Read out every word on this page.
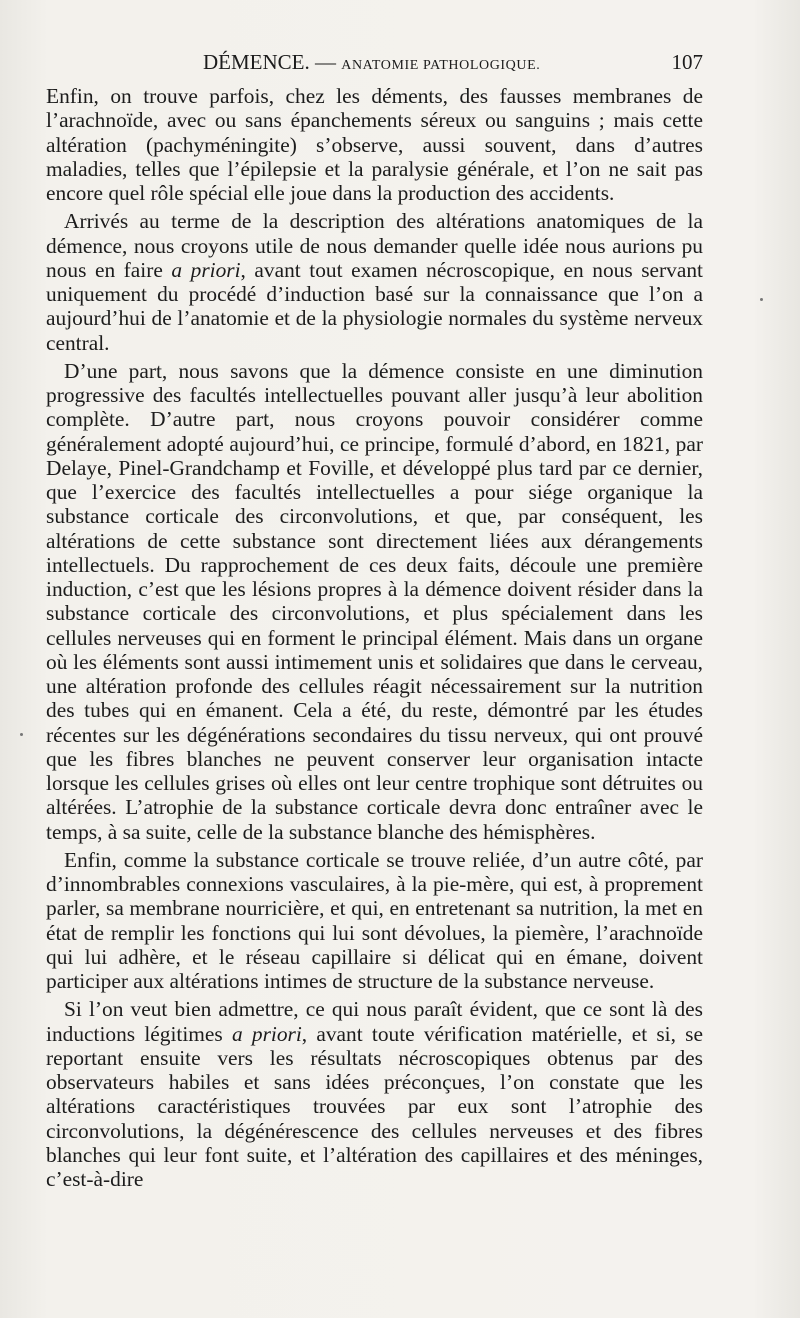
DÉMENCE. — ANATOMIE PATHOLOGIQUE.	107

Enfin, on trouve parfois, chez les déments, des fausses membranes de l’arachnoïde, avec ou sans épanchements séreux ou sanguins ; mais cette altération (pachyméningite) s’observe, aussi souvent, dans d’autres maladies, telles que l’épilepsie et la paralysie générale, et l’on ne sait pas encore quel rôle spécial elle joue dans la production des accidents.

Arrivés au terme de la description des altérations anatomiques de la démence, nous croyons utile de nous demander quelle idée nous aurions pu nous en faire a priori, avant tout examen nécroscopique, en nous servant uniquement du procédé d’induction basé sur la connaissance que l’on a aujourd’hui de l’anatomie et de la physiologie normales du système nerveux central.

D’une part, nous savons que la démence consiste en une diminution progressive des facultés intellectuelles pouvant aller jusqu’à leur abolition complète. D’autre part, nous croyons pouvoir considérer comme généralement adopté aujourd’hui, ce principe, formulé d’abord, en 1821, par Delaye, Pinel-Grandchamp et Foville, et développé plus tard par ce dernier, que l’exercice des facultés intellectuelles a pour siége organique la substance corticale des circonvolutions, et que, par conséquent, les altérations de cette substance sont directement liées aux dérangements intellectuels. Du rapprochement de ces deux faits, découle une première induction, c’est que les lésions propres à la démence doivent résider dans la substance corticale des circonvolutions, et plus spécialement dans les cellules nerveuses qui en forment le principal élément. Mais dans un organe où les éléments sont aussi intimement unis et solidaires que dans le cerveau, une altération profonde des cellules réagit nécessairement sur la nutrition des tubes qui en émanent. Cela a été, du reste, démontré par les études récentes sur les dégénérations secondaires du tissu nerveux, qui ont prouvé que les fibres blanches ne peuvent conserver leur organisation intacte lorsque les cellules grises où elles ont leur centre trophique sont détruites ou altérées. L’atrophie de la substance corticale devra donc entraîner avec le temps, à sa suite, celle de la substance blanche des hémisphères.

Enfin, comme la substance corticale se trouve reliée, d’un autre côté, par d’innombrables connexions vasculaires, à la pie-mère, qui est, à proprement parler, sa membrane nourricière, et qui, en entretenant sa nutrition, la met en état de remplir les fonctions qui lui sont dévolues, la piemère, l’arachnoïde qui lui adhère, et le réseau capillaire si délicat qui en émane, doivent participer aux altérations intimes de structure de la substance nerveuse.

Si l’on veut bien admettre, ce qui nous paraît évident, que ce sont là des inductions légitimes a priori, avant toute vérification matérielle, et si, se reportant ensuite vers les résultats nécroscopiques obtenus par des observateurs habiles et sans idées préconçues, l’on constate que les altérations caractéristiques trouvées par eux sont l’atrophie des circonvolutions, la dégénérescence des cellules nerveuses et des fibres blanches qui leur font suite, et l’altération des capillaires et des méninges, c’est-à-dire
